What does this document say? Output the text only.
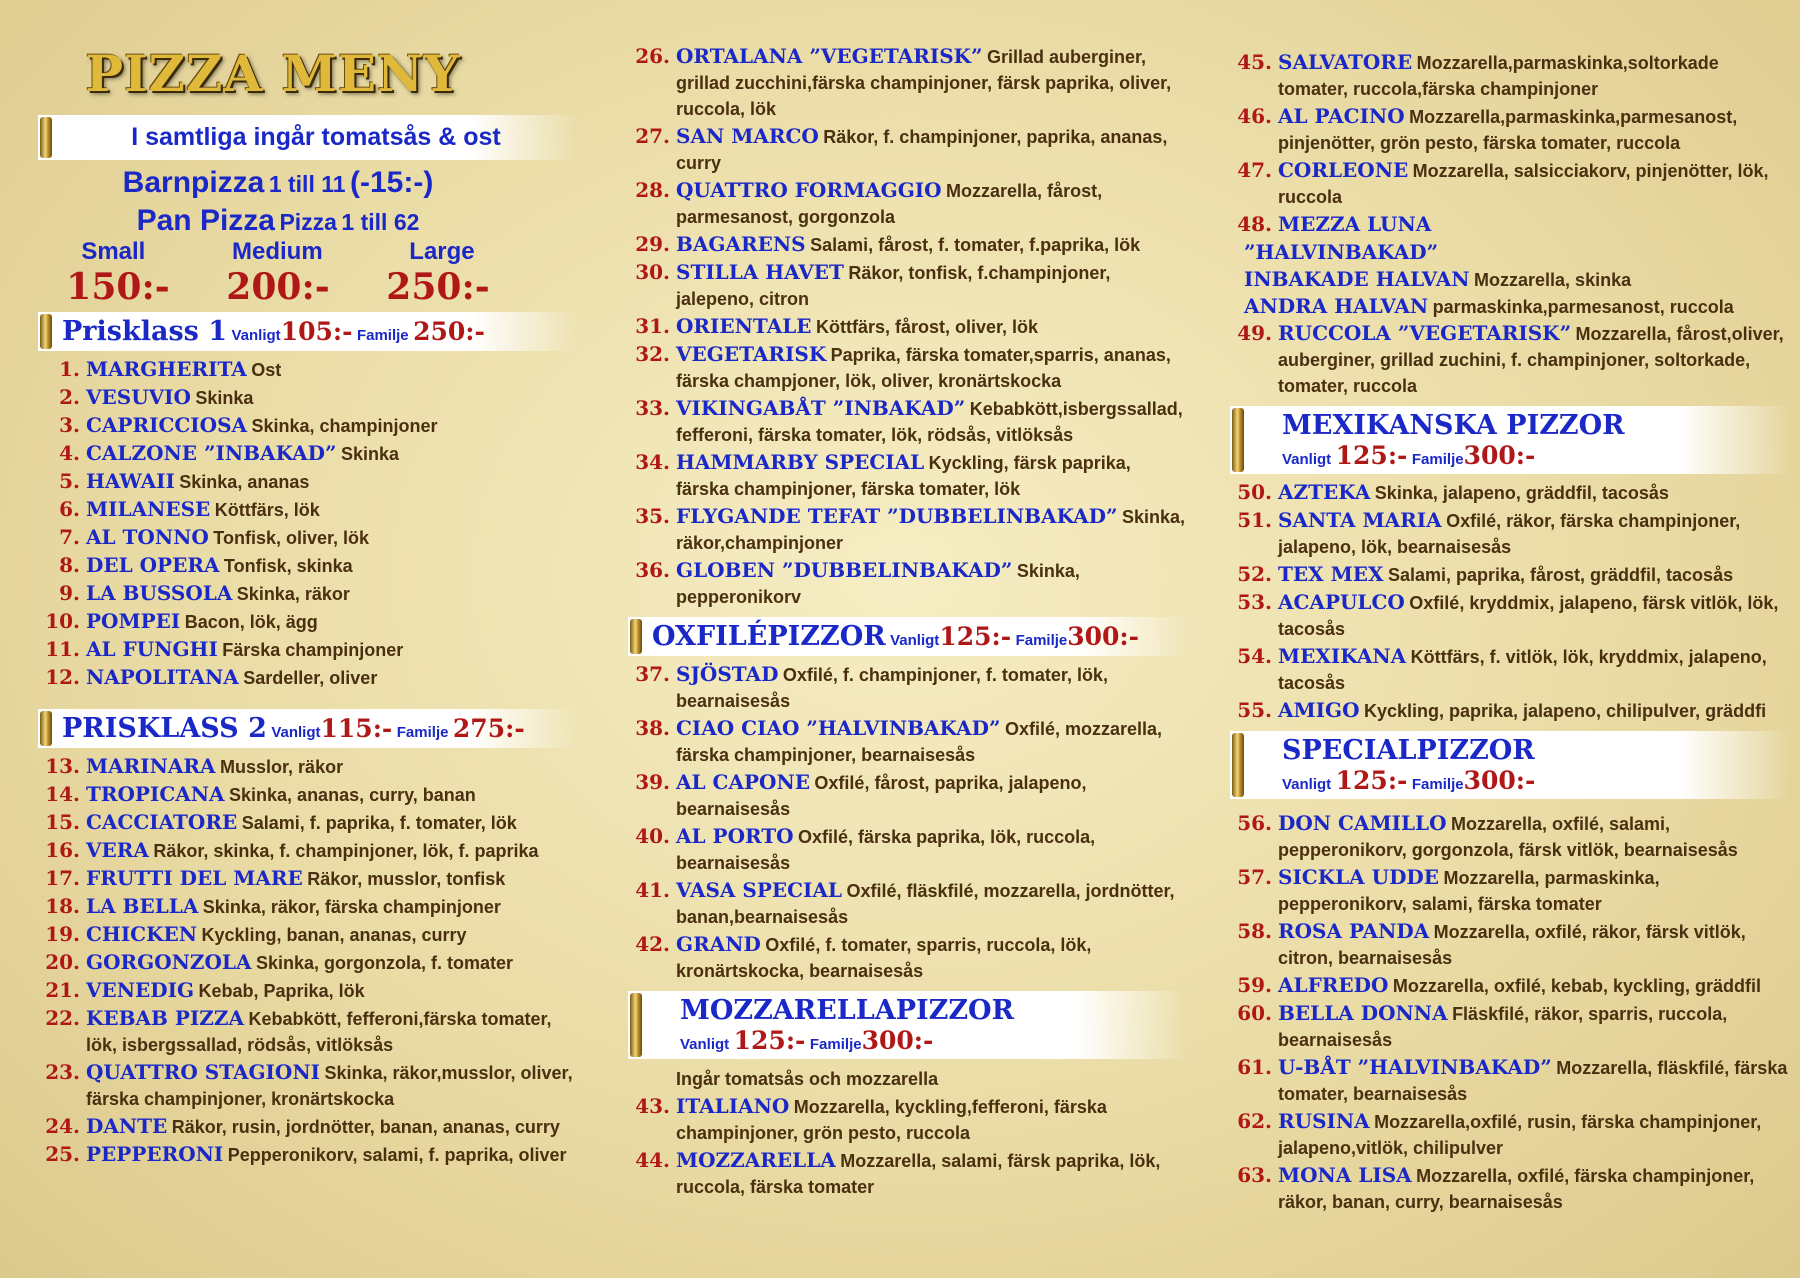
PIZZA MENY
I samtliga ingår tomatsås & ost
Barnpizza 1 till 11 (-15:-)
Pan Pizza Pizza 1 till 62
Small	Medium	Large
150:- 200:- 250:-
Prisklass 1 Vanligt105:- Familje 250:-
1. MARGHERITA Ost
2. VESUVIO Skinka
3. CAPRICCIOSA Skinka, champinjoner
4. CALZONE ”INBAKAD” Skinka
5. HAWAII Skinka, ananas
6. MILANESE Köttfärs, lök
7. AL TONNO Tonfisk, oliver, lök
8. DEL OPERA Tonfisk, skinka
9. LA BUSSOLA Skinka, räkor
10. POMPEI Bacon, lök, ägg
11. AL FUNGHI Färska champinjoner
12. NAPOLITANA Sardeller, oliver
PRISKLASS 2 Vanligt115:- Familje 275:-
13. MARINARA Musslor, räkor
14. TROPICANA Skinka, ananas, curry, banan
15. CACCIATORE Salami, f. paprika, f. tomater, lök
16. VERA Räkor, skinka, f. champinjoner, lök, f. paprika
17. FRUTTI DEL MARE Räkor, musslor, tonfisk
18. LA BELLA Skinka, räkor, färska champinjoner
19. CHICKEN Kyckling, banan, ananas, curry
20. GORGONZOLA Skinka, gorgonzola, f. tomater
21. VENEDIG Kebab, Paprika, lök
22. KEBAB PIZZA Kebabkött, fefferoni,färska tomater, lök, isbergssallad, rödsås, vitlöksås
23. QUATTRO STAGIONI Skinka, räkor,musslor, oliver, färska champinjoner, kronärtskocka
24. DANTE Räkor, rusin, jordnötter, banan, ananas, curry
25. PEPPERONI Pepperonikorv, salami, f. paprika, oliver
26. ORTALANA ”VEGETARISK” Grillad auberginer, grillad zucchini,färska champinjoner, färsk paprika, oliver, ruccola, lök
27. SAN MARCO Räkor, f. champinjoner, paprika, ananas, curry
28. QUATTRO FORMAGGIO Mozzarella, fårost, parmesanost, gorgonzola
29. BAGARENS Salami, fårost, f. tomater, f.paprika, lök
30. STILLA HAVET Räkor, tonfisk, f.champinjoner, jalepeno, citron
31. ORIENTALE Köttfärs, fårost, oliver, lök
32. VEGETARISK Paprika, färska tomater,sparris, ananas, färska champjoner, lök, oliver, kronärtskocka
33. VIKINGABÅT ”INBAKAD” Kebabkött,isbergssallad, fefferoni, färska tomater, lök, rödsås, vitlöksås
34. HAMMARBY SPECIAL Kyckling, färsk paprika, färska champinjoner, färska tomater, lök
35. FLYGANDE TEFAT ”DUBBELINBAKAD” Skinka, räkor,champinjoner
36. GLOBEN ”DUBBELINBAKAD” Skinka, pepperonikorv
OXFILÉPIZZOR Vanligt125:- Familje300:-
37. SJÖSTAD Oxfilé, f. champinjoner, f. tomater, lök, bearnaisesås
38. CIAO CIAO ”HALVINBAKAD” Oxfilé, mozzarella, färska champinjoner, bearnaisesås
39. AL CAPONE Oxfilé, fårost, paprika, jalapeno, bearnaisesås
40. AL PORTO Oxfilé, färska paprika, lök, ruccola, bearnaisesås
41. VASA SPECIAL Oxfilé, fläskfilé, mozzarella, jordnötter, banan,bearnaisesås
42. GRAND Oxfilé, f. tomater, sparris, ruccola, lök, kronärtskocka, bearnaisesås
MOZZARELLAPIZZOR
Vanligt 125:- Familje300:-
Ingår tomatsås och mozzarella
43. ITALIANO Mozzarella, kyckling,fefferoni, färska champinjoner, grön pesto, ruccola
44. MOZZARELLA Mozzarella, salami, färsk paprika, lök, ruccola, färska tomater
45. SALVATORE Mozzarella,parmaskinka,soltorkade tomater, ruccola,färska champinjoner
46. AL PACINO Mozzarella,parmaskinka,parmesanost, pinjenötter, grön pesto, färska tomater, ruccola
47. CORLEONE Mozzarella, salsicciakorv, pinjenötter, lök, ruccola
48. MEZZA LUNA
”HALVINBAKAD”
INBAKADE HALVAN Mozzarella, skinka
ANDRA HALVAN parmaskinka,parmesanost, ruccola
49. RUCCOLA ”VEGETARISK” Mozzarella, fårost,oliver, auberginer, grillad zuchini, f. champinjoner, soltorkade, tomater, ruccola
MEXIKANSKA PIZZOR
Vanligt 125:- Familje300:-
50. AZTEKA Skinka, jalapeno, gräddfil, tacosås
51. SANTA MARIA Oxfilé, räkor, färska champinjoner, jalapeno, lök, bearnaisesås
52. TEX MEX Salami, paprika, fårost, gräddfil, tacosås
53. ACAPULCO Oxfilé, kryddmix, jalapeno, färsk vitlök, lök, tacosås
54. MEXIKANA Köttfärs, f. vitlök, lök, kryddmix, jalapeno, tacosås
55. AMIGO Kyckling, paprika, jalapeno, chilipulver, gräddfi
SPECIALPIZZOR
Vanligt 125:- Familje300:-
56. DON CAMILLO Mozzarella, oxfilé, salami, pepperonikorv, gorgonzola, färsk vitlök, bearnaisesås
57. SICKLA UDDE Mozzarella, parmaskinka, pepperonikorv, salami, färska tomater
58. ROSA PANDA Mozzarella, oxfilé, räkor, färsk vitlök, citron, bearnaisesås
59. ALFREDO Mozzarella, oxfilé, kebab, kyckling, gräddfil
60. BELLA DONNA Fläskfilé, räkor, sparris, ruccola, bearnaisesås
61. U-BÅT ”HALVINBAKAD” Mozzarella, fläskfilé, färska tomater, bearnaisesås
62. RUSINA Mozzarella,oxfilé, rusin, färska champinjoner, jalapeno,vitlök, chilipulver
63. MONA LISA Mozzarella, oxfilé, färska champinjoner, räkor, banan, curry, bearnaisesås
